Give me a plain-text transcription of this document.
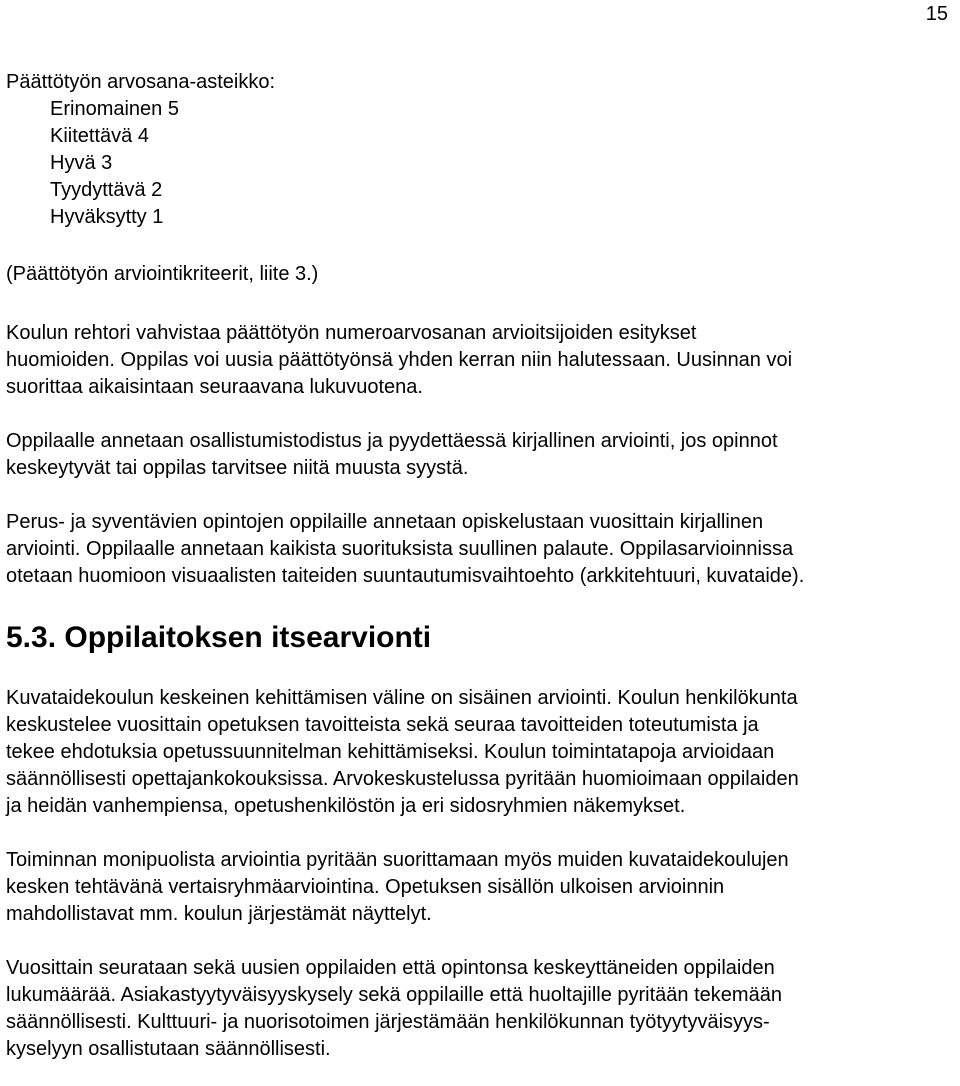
15
Päättötyön arvosana-asteikko:
Erinomainen 5
Kiitettävä 4
Hyvä 3
Tyydyttävä 2
Hyväksytty 1
(Päättötyön arviointikriteerit, liite 3.)

Koulun rehtori vahvistaa päättötyön numeroarvosanan arvioitsijoiden esitykset
huomioiden. Oppilas voi uusia päättötyönsä yhden kerran niin halutessaan. Uusinnan voi
suorittaa aikaisintaan seuraavana lukuvuotena.

Oppilaalle annetaan osallistumistodistus ja pyydettäessä kirjallinen arviointi, jos opinnot
keskeytyvät tai oppilas tarvitsee niitä muusta syystä.

Perus- ja syventävien opintojen oppilaille annetaan opiskelustaan vuosittain kirjallinen
arviointi. Oppilaalle annetaan kaikista suorituksista suullinen palaute. Oppilasarvioinnissa
otetaan huomioon visuaalisten taiteiden suuntautumisvaihtoehto (arkkitehtuuri, kuvataide).

5.3. Oppilaitoksen itsearvionti

Kuvataidekoulun keskeinen kehittämisen väline on sisäinen arviointi. Koulun henkilökunta
keskustelee vuosittain opetuksen tavoitteista sekä seuraa tavoitteiden toteutumista ja
tekee ehdotuksia opetussuunnitelman kehittämiseksi. Koulun toimintatapoja arvioidaan
säännöllisesti opettajankokouksissa. Arvokeskustelussa pyritään huomioimaan oppilaiden
ja heidän vanhempiensa, opetushenkilöstön ja eri sidosryhmien näkemykset.

Toiminnan monipuolista arviointia pyritään suorittamaan myös muiden kuvataidekoulujen
kesken tehtävänä vertaisryhmäarviointina. Opetuksen sisällön ulkoisen arvioinnin
mahdollistavat mm. koulun järjestämät näyttelyt.

Vuosittain seurataan sekä uusien oppilaiden että opintonsa keskeyttäneiden oppilaiden
lukumäärää. Asiakastyytyväisyyskysely sekä oppilaille että huoltajille pyritään tekemään
säännöllisesti. Kulttuuri- ja nuorisotoimen järjestämään henkilökunnan työtyytyväisyys-
kyselyyn osallistutaan säännöllisesti.
